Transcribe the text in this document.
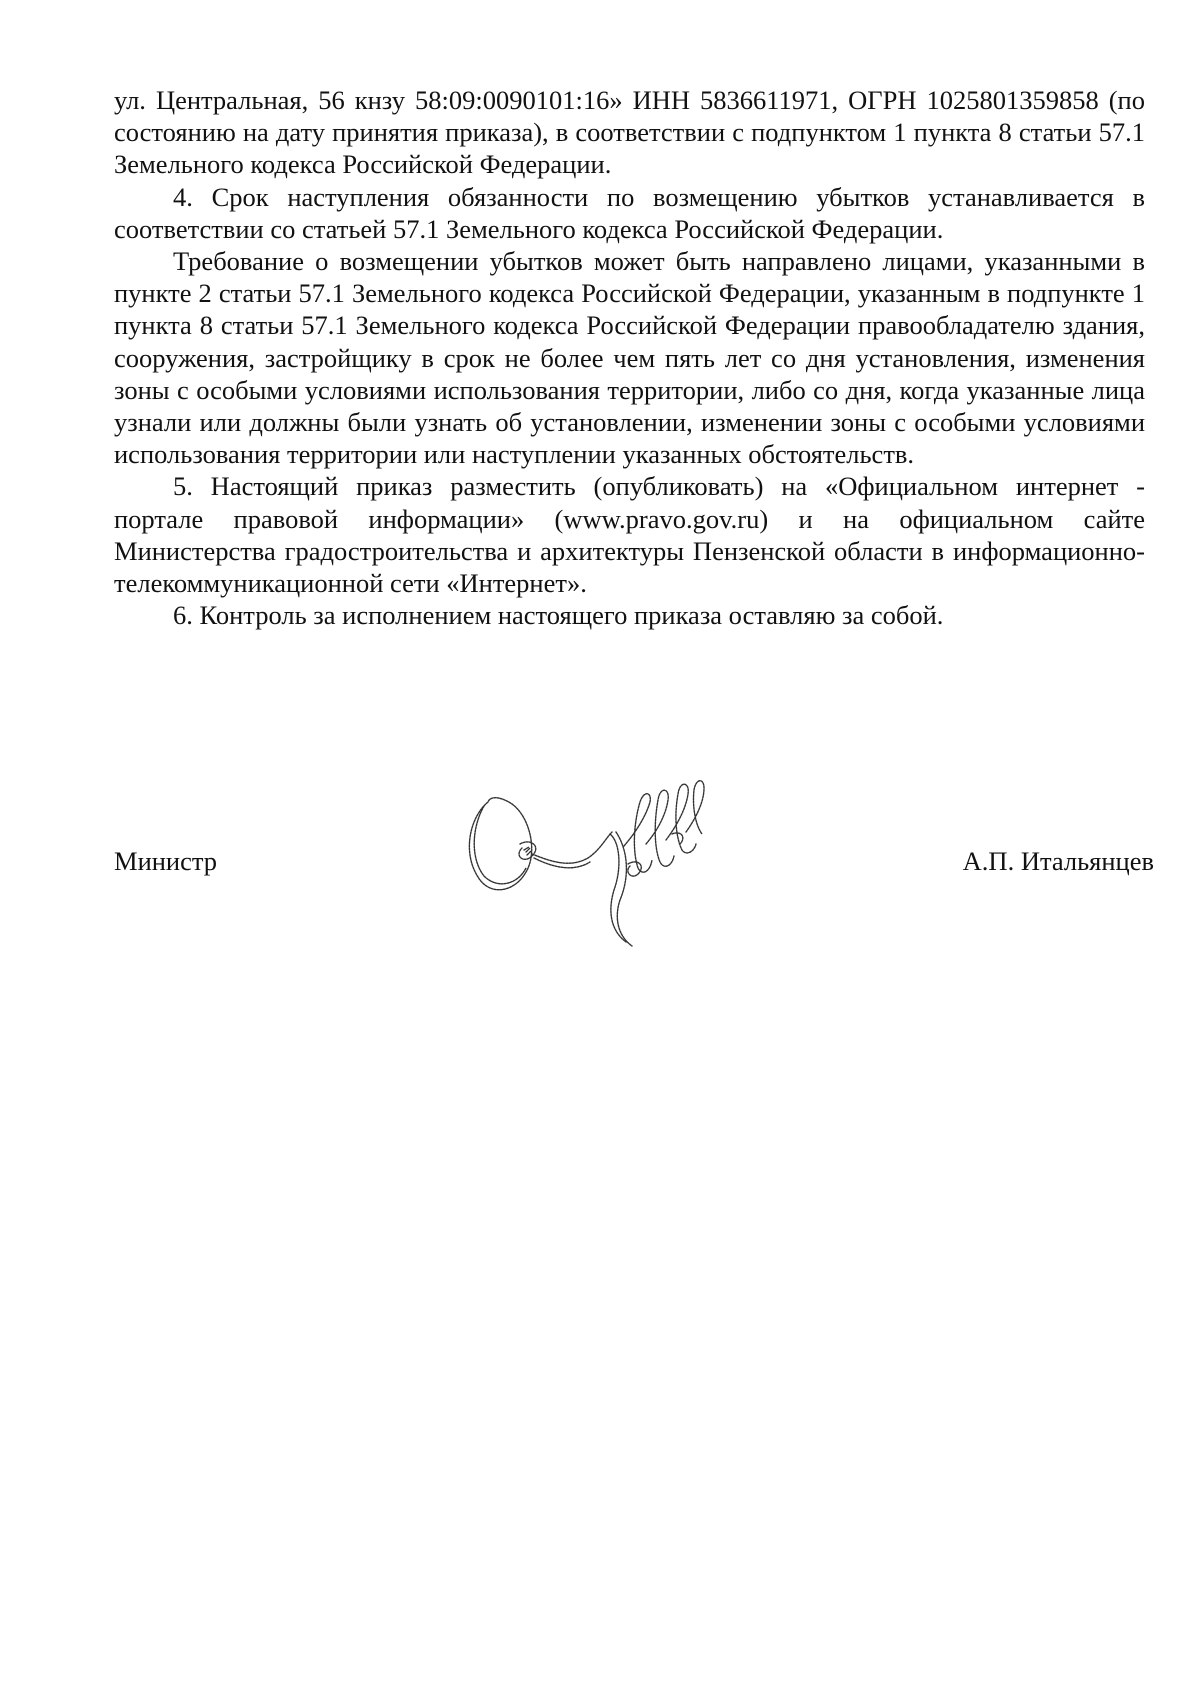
ул. Центральная, 56 кнзу 58:09:0090101:16» ИНН 5836611971, ОГРН 1025801359858 (по состоянию на дату принятия приказа), в соответствии с подпунктом 1 пункта 8 статьи 57.1 Земельного кодекса Российской Федерации.

4. Срок наступления обязанности по возмещению убытков устанавливается в соответствии со статьей 57.1 Земельного кодекса Российской Федерации.

Требование о возмещении убытков может быть направлено лицами, указанными в пункте 2 статьи 57.1 Земельного кодекса Российской Федерации, указанным в подпункте 1 пункта 8 статьи 57.1 Земельного кодекса Российской Федерации правообладателю здания, сооружения, застройщику в срок не более чем пять лет со дня установления, изменения зоны с особыми условиями использования территории, либо со дня, когда указанные лица узнали или должны были узнать об установлении, изменении зоны с особыми условиями использования территории или наступлении указанных обстоятельств.

5. Настоящий приказ разместить (опубликовать) на «Официальном интернет - портале правовой информации» (www.pravo.gov.ru) и на официальном сайте Министерства градостроительства и архитектуры Пензенской области в информационно-телекоммуникационной сети «Интернет».

6. Контроль за исполнением настоящего приказа оставляю за собой.

Министр	А.П. Итальянцев
